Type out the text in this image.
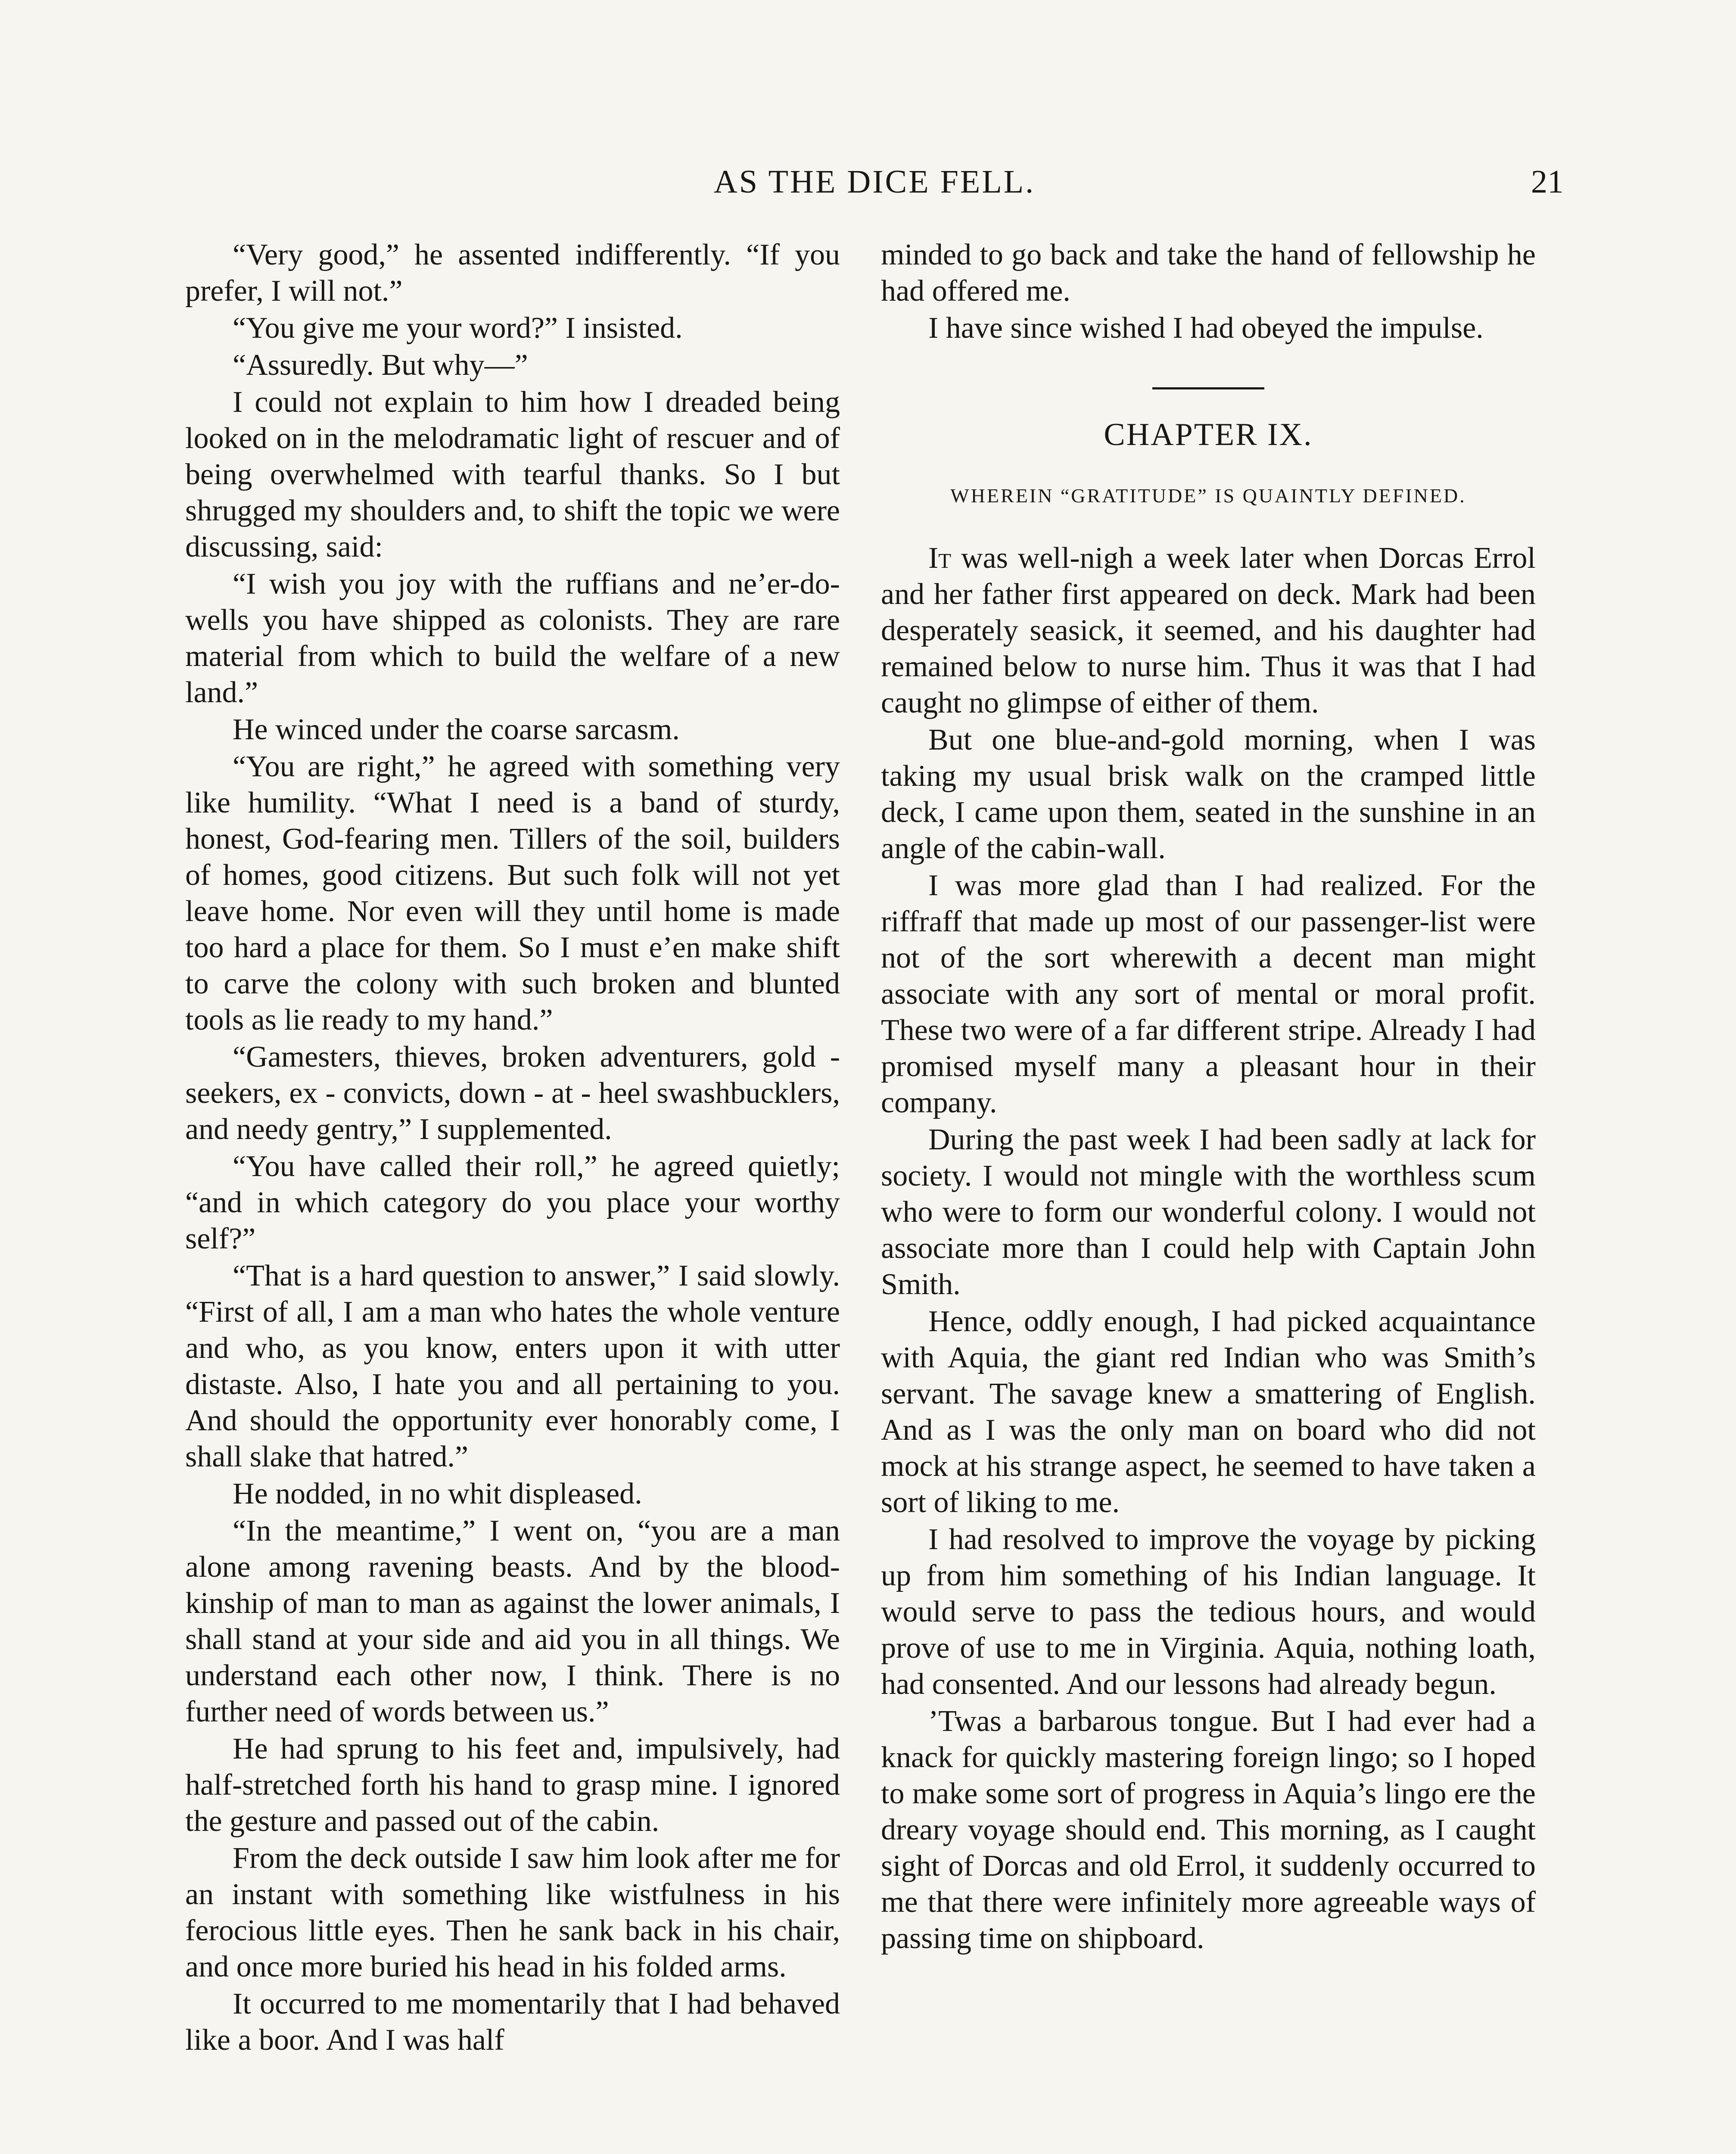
AS THE DICE FELL.	21

“Very good,” he assented indifferently. “If you prefer, I will not.”

“You give me your word?” I insisted.

“Assuredly. But why—”

I could not explain to him how I dreaded being looked on in the melodramatic light of rescuer and of being overwhelmed with tearful thanks. So I but shrugged my shoulders and, to shift the topic we were discussing, said:

“I wish you joy with the ruffians and ne’er-do-wells you have shipped as colonists. They are rare material from which to build the welfare of a new land.”

He winced under the coarse sarcasm.

“You are right,” he agreed with something very like humility. “What I need is a band of sturdy, honest, God-fearing men. Tillers of the soil, builders of homes, good citizens. But such folk will not yet leave home. Nor even will they until home is made too hard a place for them. So I must e’en make shift to carve the colony with such broken and blunted tools as lie ready to my hand.”

“Gamesters, thieves, broken adventurers, gold - seekers, ex - convicts, down - at - heel swashbucklers, and needy gentry,” I supplemented.

“You have called their roll,” he agreed quietly; “and in which category do you place your worthy self?”

“That is a hard question to answer,” I said slowly. “First of all, I am a man who hates the whole venture and who, as you know, enters upon it with utter distaste. Also, I hate you and all pertaining to you. And should the opportunity ever honorably come, I shall slake that hatred.”

He nodded, in no whit displeased.

“In the meantime,” I went on, “you are a man alone among ravening beasts. And by the blood-kinship of man to man as against the lower animals, I shall stand at your side and aid you in all things. We understand each other now, I think. There is no further need of words between us.”

He had sprung to his feet and, impulsively, had half-stretched forth his hand to grasp mine. I ignored the gesture and passed out of the cabin.

From the deck outside I saw him look after me for an instant with something like wistfulness in his ferocious little eyes. Then he sank back in his chair, and once more buried his head in his folded arms.

It occurred to me momentarily that I had behaved like a boor. And I was half

minded to go back and take the hand of fellowship he had offered me.

I have since wished I had obeyed the impulse.

CHAPTER IX.
WHEREIN “GRATITUDE” IS QUAINTLY DEFINED.

It was well-nigh a week later when Dorcas Errol and her father first appeared on deck. Mark had been desperately seasick, it seemed, and his daughter had remained below to nurse him. Thus it was that I had caught no glimpse of either of them.

But one blue-and-gold morning, when I was taking my usual brisk walk on the cramped little deck, I came upon them, seated in the sunshine in an angle of the cabin-wall.

I was more glad than I had realized. For the riffraff that made up most of our passenger-list were not of the sort wherewith a decent man might associate with any sort of mental or moral profit. These two were of a far different stripe. Already I had promised myself many a pleasant hour in their company.

During the past week I had been sadly at lack for society. I would not mingle with the worthless scum who were to form our wonderful colony. I would not associate more than I could help with Captain John Smith.

Hence, oddly enough, I had picked acquaintance with Aquia, the giant red Indian who was Smith’s servant. The savage knew a smattering of English. And as I was the only man on board who did not mock at his strange aspect, he seemed to have taken a sort of liking to me.

I had resolved to improve the voyage by picking up from him something of his Indian language. It would serve to pass the tedious hours, and would prove of use to me in Virginia. Aquia, nothing loath, had consented. And our lessons had already begun.

’Twas a barbarous tongue. But I had ever had a knack for quickly mastering foreign lingo; so I hoped to make some sort of progress in Aquia’s lingo ere the dreary voyage should end. This morning, as I caught sight of Dorcas and old Errol, it suddenly occurred to me that there were infinitely more agreeable ways of passing time on shipboard.
